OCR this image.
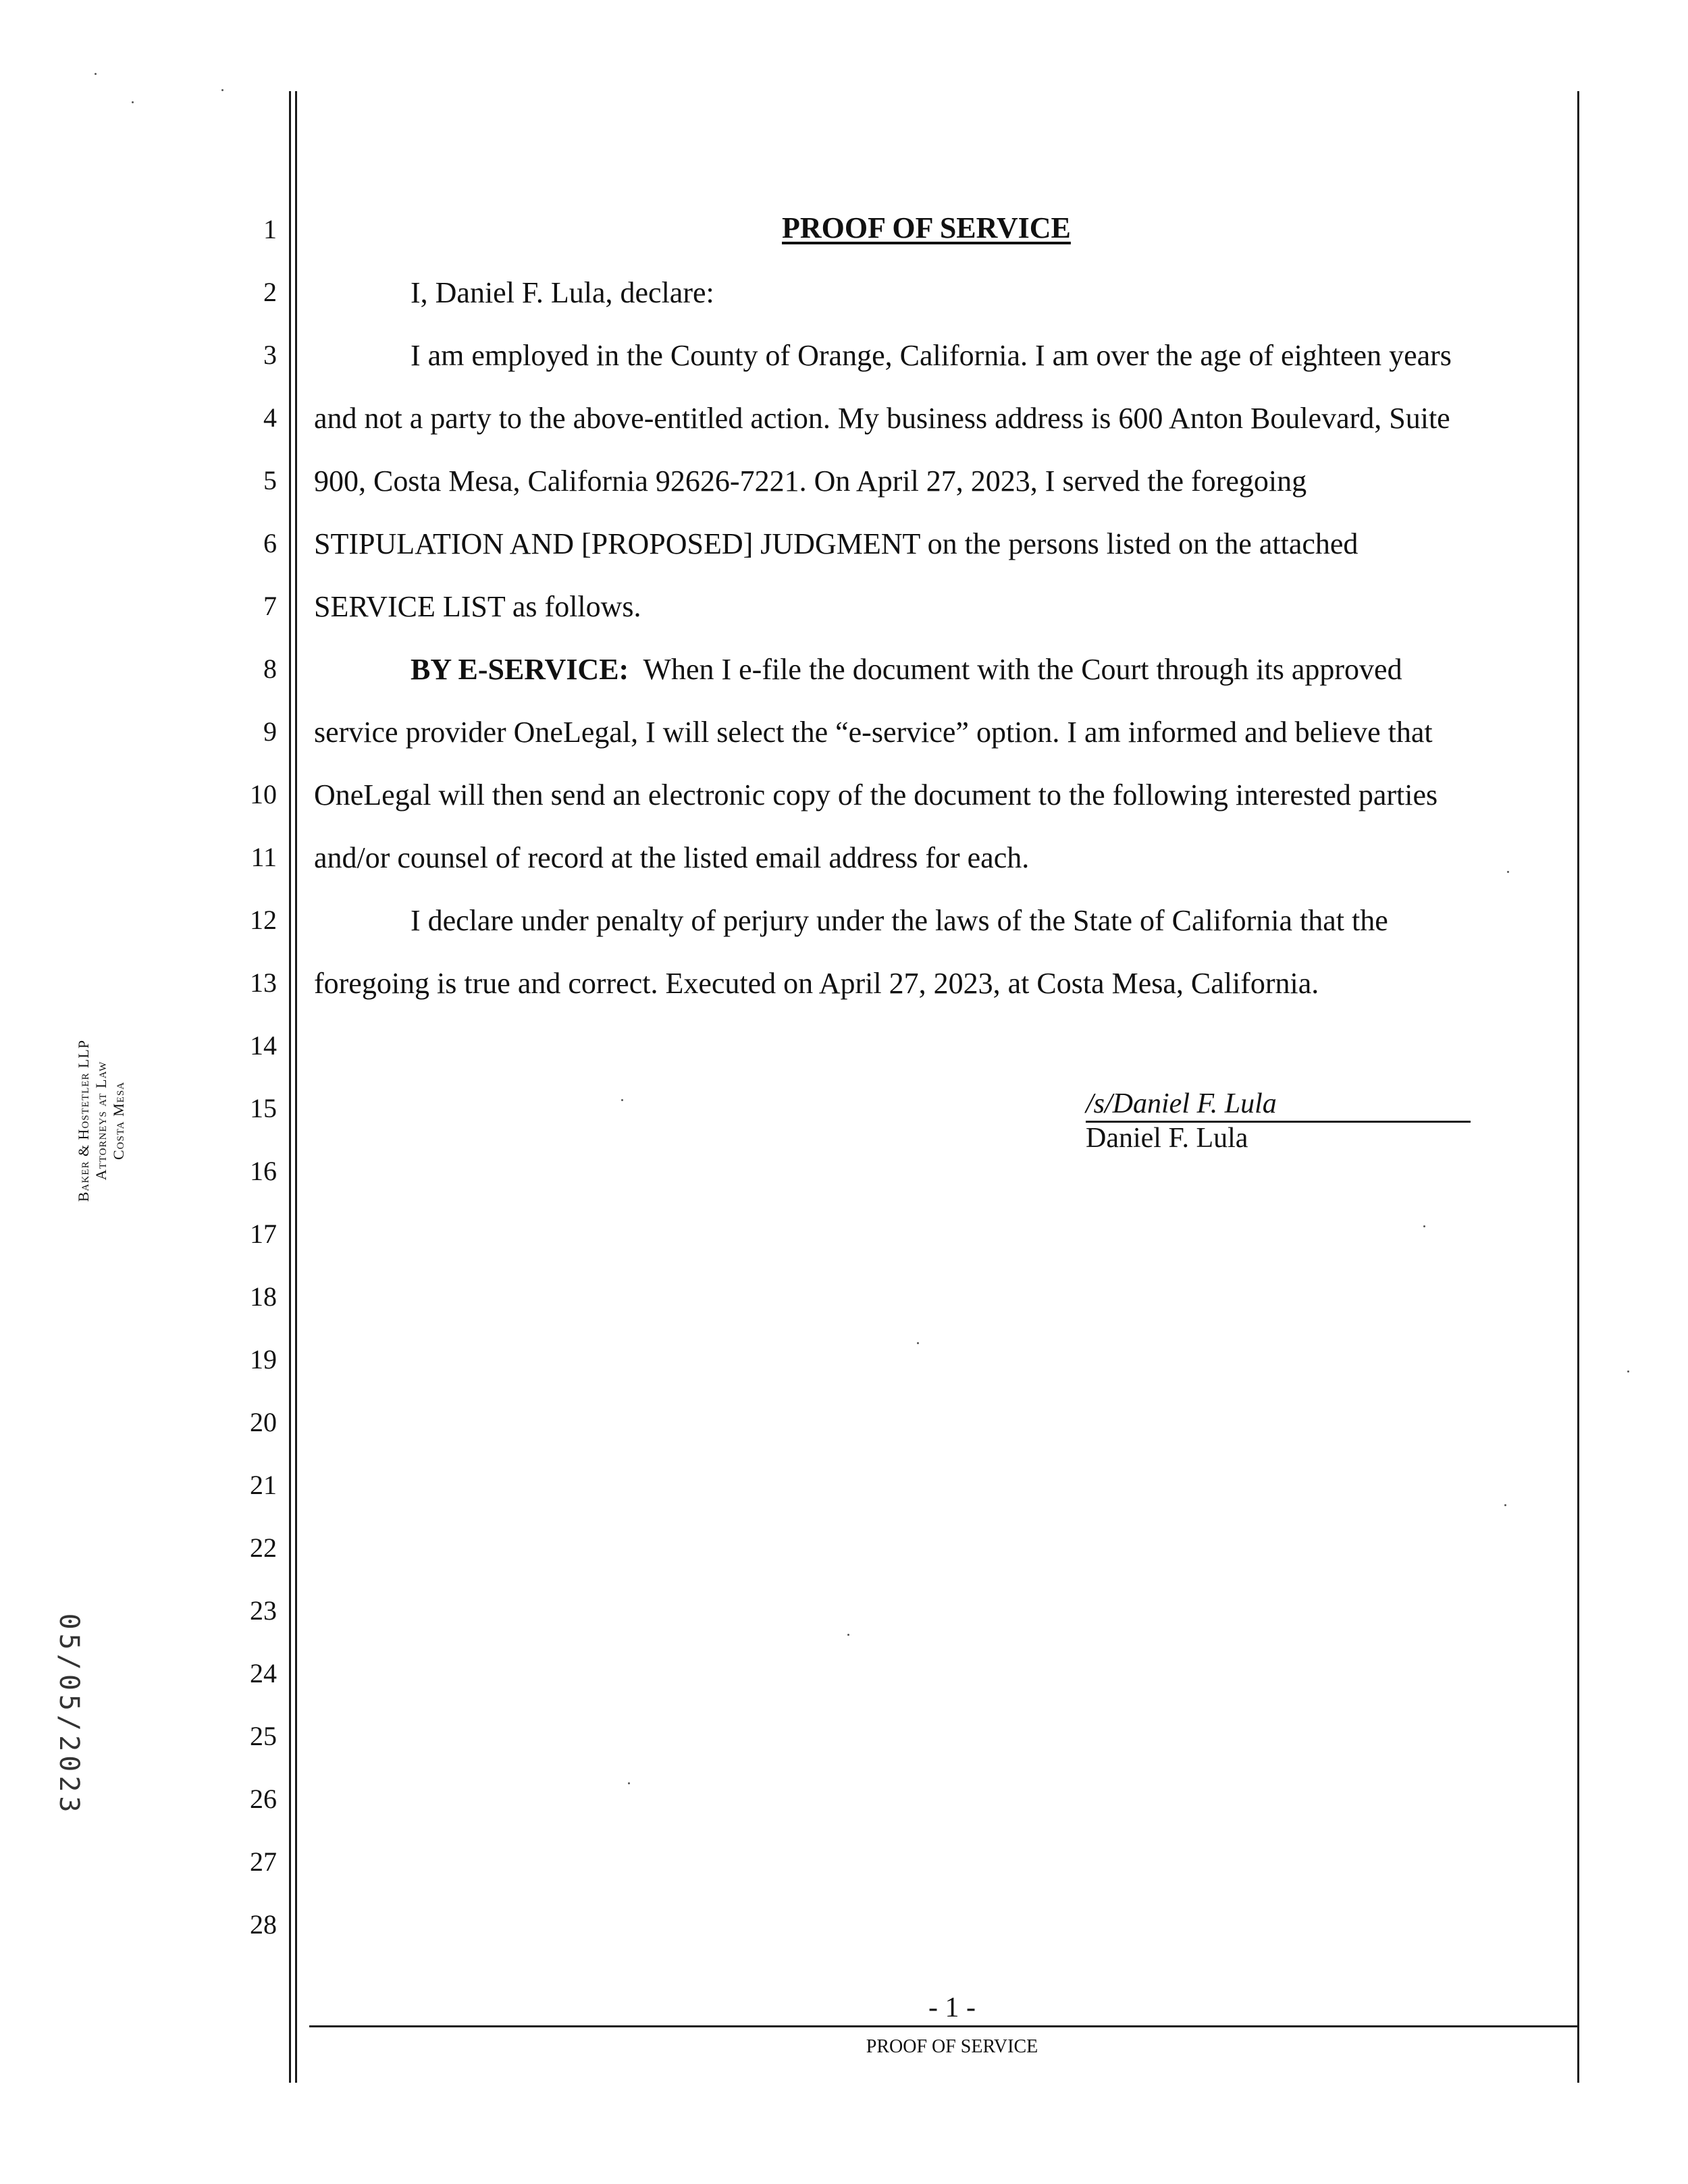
1
2
3
4
5
6
7
8
9
10
11
12
13
14
15
16
17
18
19
20
21
22
23
24
25
26
27
28
PROOF OF SERVICE
I, Daniel F. Lula, declare:
I am employed in the County of Orange, California. I am over the age of eighteen years
and not a party to the above-entitled action. My business address is 600 Anton Boulevard, Suite
900, Costa Mesa, California 92626-7221. On April 27, 2023, I served the foregoing
STIPULATION AND [PROPOSED] JUDGMENT on the persons listed on the attached
SERVICE LIST as follows.
BY E-SERVICE: When I e-file the document with the Court through its approved
service provider OneLegal, I will select the “e-service” option. I am informed and believe that
OneLegal will then send an electronic copy of the document to the following interested parties
and/or counsel of record at the listed email address for each.
I declare under penalty of perjury under the laws of the State of California that the
foregoing is true and correct. Executed on April 27, 2023, at Costa Mesa, California.
/s/Daniel F. Lula
Daniel F. Lula
Baker & Hostetler LLP Attorneys at Law Costa Mesa
05/05/2023
- 1 -
PROOF OF SERVICE
